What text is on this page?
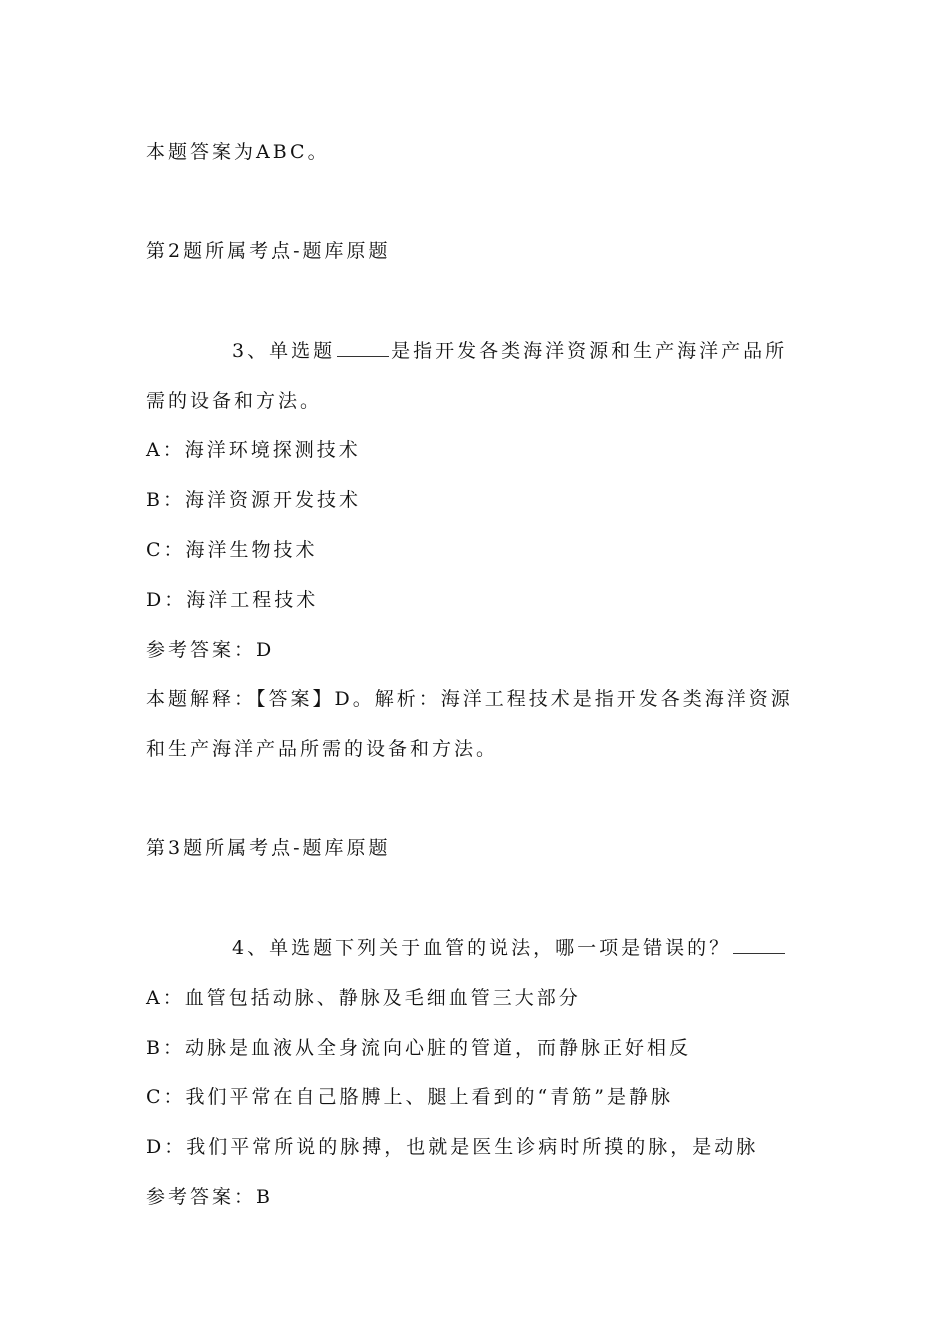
本题答案为ABC。
第2题所属考点-题库原题
3、单选题	是指开发各类海洋资源和生产海洋产品所
需的设备和方法。
A：海洋环境探测技术
B：海洋资源开发技术
C：海洋生物技术
D：海洋工程技术
参考答案：D
本题解释：【答案】D。解析：海洋工程技术是指开发各类海洋资源
和生产海洋产品所需的设备和方法。
第3题所属考点-题库原题
4、单选题下列关于血管的说法，哪一项是错误的？
A：血管包括动脉、静脉及毛细血管三大部分
B：动脉是血液从全身流向心脏的管道，而静脉正好相反
C：我们平常在自己胳膊上、腿上看到的“青筋”是静脉
D：我们平常所说的脉搏，也就是医生诊病时所摸的脉，是动脉
参考答案：B
